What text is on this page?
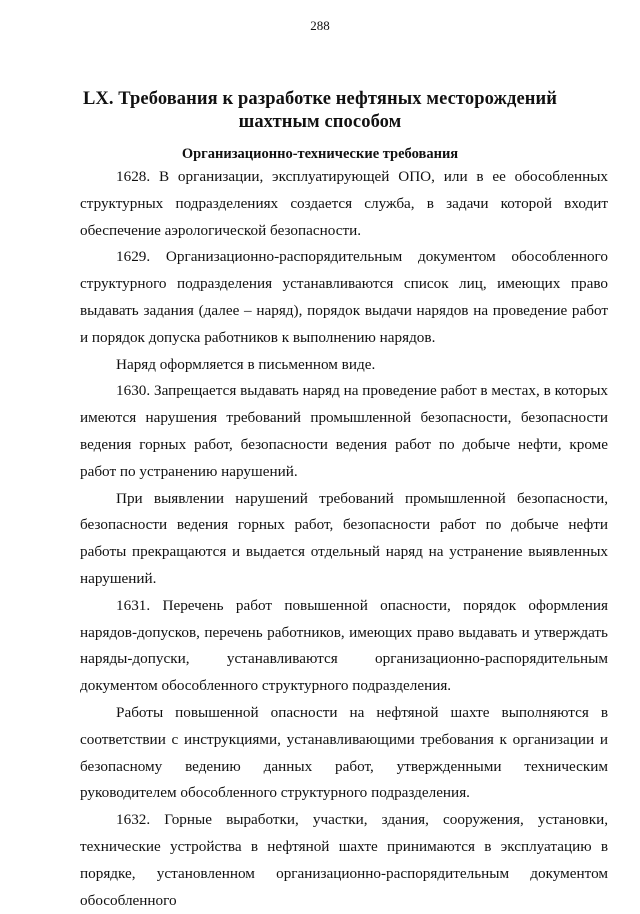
288
LX. Требования к разработке нефтяных месторождений шахтным способом
Организационно-технические требования

1628. В организации, эксплуатирующей ОПО, или в ее обособленных структурных подразделениях создается служба, в задачи которой входит обеспечение аэрологической безопасности.

1629. Организационно-распорядительным документом обособленного структурного подразделения устанавливаются список лиц, имеющих право выдавать задания (далее – наряд), порядок выдачи нарядов на проведение работ и порядок допуска работников к выполнению нарядов.

Наряд оформляется в письменном виде.

1630. Запрещается выдавать наряд на проведение работ в местах, в которых имеются нарушения требований промышленной безопасности, безопасности ведения горных работ, безопасности ведения работ по добыче нефти, кроме работ по устранению нарушений.

При выявлении нарушений требований промышленной безопасности, безопасности ведения горных работ, безопасности работ по добыче нефти работы прекращаются и выдается отдельный наряд на устранение выявленных нарушений.

1631. Перечень работ повышенной опасности, порядок оформления нарядов-допусков, перечень работников, имеющих право выдавать и утверждать наряды-допуски, устанавливаются организационно-распорядительным документом обособленного структурного подразделения.

Работы повышенной опасности на нефтяной шахте выполняются в соответствии с инструкциями, устанавливающими требования к организации и безопасному ведению данных работ, утвержденными техническим руководителем обособленного структурного подразделения.

1632. Горные выработки, участки, здания, сооружения, установки, технические устройства в нефтяной шахте принимаются в эксплуатацию в порядке, установленном организационно-распорядительным документом обособленного
